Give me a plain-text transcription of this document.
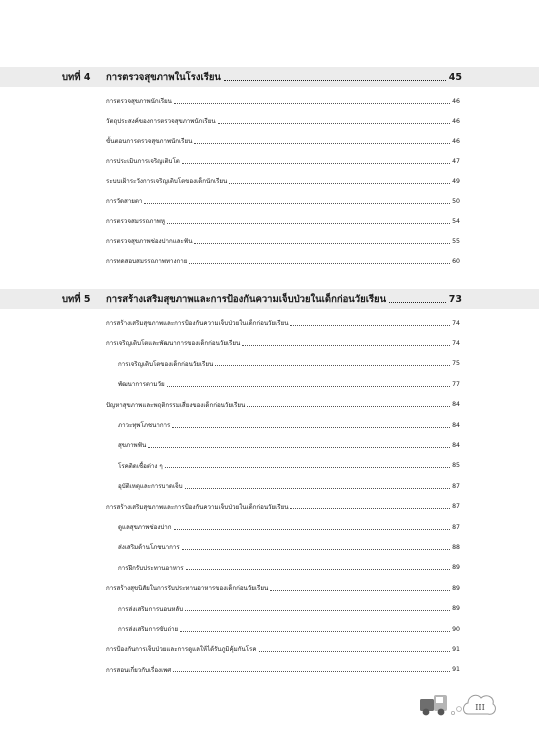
บทที่ 4	การตรวจสุขภาพในโรงเรียน	45
การตรวจสุขภาพนักเรียน	46
วัตถุประสงค์ของการตรวจสุขภาพนักเรียน	46
ขั้นตอนการตรวจสุขภาพนักเรียน	46
การประเมินการเจริญเติบโต	47
ระบบเฝ้าระวังการเจริญเติบโตของเด็กนักเรียน	49
การวัดสายตา	50
การตรวจสมรรถภาพหู	54
การตรวจสุขภาพช่องปากและฟัน	55
การทดสอบสมรรถภาพทางกาย	60
บทที่ 5	การสร้างเสริมสุขภาพและการป้องกันความเจ็บป่วยในเด็กก่อนวัยเรียน	73
การสร้างเสริมสุขภาพและการป้องกันความเจ็บป่วยในเด็กก่อนวัยเรียน	74
การเจริญเติบโตและพัฒนาการของเด็กก่อนวัยเรียน	74
การเจริญเติบโตของเด็กก่อนวัยเรียน	75
พัฒนาการตามวัย	77
ปัญหาสุขภาพและพฤติกรรมเสี่ยงของเด็กก่อนวัยเรียน	84
ภาวะทุพโภชนาการ	84
สุขภาพฟัน	84
โรคติดเชื้อต่าง ๆ	85
อุบัติเหตุและการบาดเจ็บ	87
การสร้างเสริมสุขภาพและการป้องกันความเจ็บป่วยในเด็กก่อนวัยเรียน	87
ดูแลสุขภาพช่องปาก	87
ส่งเสริมด้านโภชนาการ	88
การฝึกรับประทานอาหาร	89
การสร้างสุขนิสัยในการรับประทานอาหารของเด็กก่อนวัยเรียน	89
การส่งเสริมการนอนหลับ	89
การส่งเสริมการขับถ่าย	90
การป้องกันการเจ็บป่วยและการดูแลให้ได้รับภูมิคุ้มกันโรค	91
การสอนเกี่ยวกับเรื่องเพศ	91
III
